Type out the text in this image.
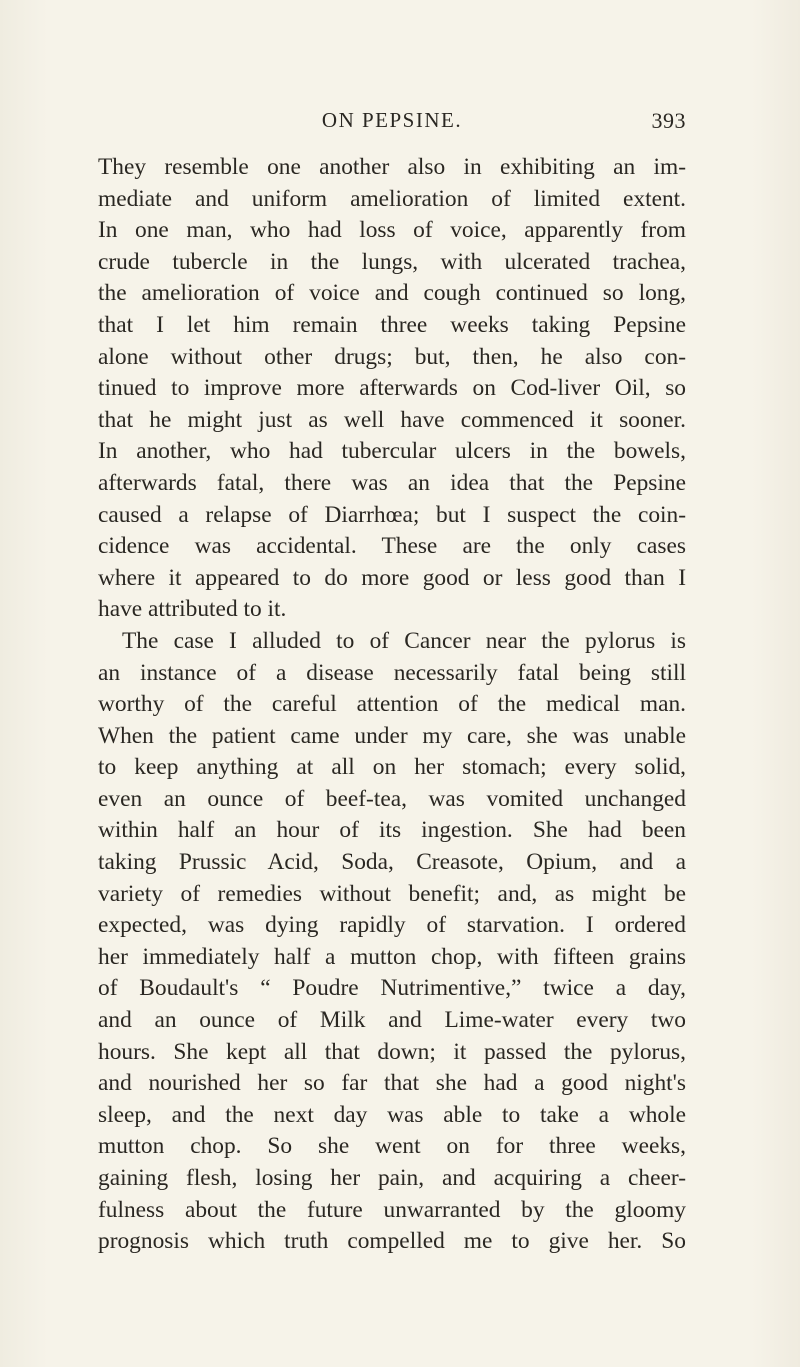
ON PEPSINE.	393
They resemble one another also in exhibiting an im-
mediate and uniform amelioration of limited extent.
In one man, who had loss of voice, apparently from
crude tubercle in the lungs, with ulcerated trachea,
the amelioration of voice and cough continued so long,
that I let him remain three weeks taking Pepsine
alone without other drugs; but, then, he also con-
tinued to improve more afterwards on Cod-liver Oil, so
that he might just as well have commenced it sooner.
In another, who had tubercular ulcers in the bowels,
afterwards fatal, there was an idea that the Pepsine
caused a relapse of Diarrhœa; but I suspect the coin-
cidence was accidental. These are the only cases
where it appeared to do more good or less good than I
have attributed to it.
The case I alluded to of Cancer near the pylorus is
an instance of a disease necessarily fatal being still
worthy of the careful attention of the medical man.
When the patient came under my care, she was unable
to keep anything at all on her stomach; every solid,
even an ounce of beef-tea, was vomited unchanged
within half an hour of its ingestion. She had been
taking Prussic Acid, Soda, Creasote, Opium, and a
variety of remedies without benefit; and, as might be
expected, was dying rapidly of starvation. I ordered
her immediately half a mutton chop, with fifteen grains
of Boudault's “ Poudre Nutrimentive,” twice a day,
and an ounce of Milk and Lime-water every two
hours. She kept all that down; it passed the pylorus,
and nourished her so far that she had a good night's
sleep, and the next day was able to take a whole
mutton chop. So she went on for three weeks,
gaining flesh, losing her pain, and acquiring a cheer-
fulness about the future unwarranted by the gloomy
prognosis which truth compelled me to give her. So
